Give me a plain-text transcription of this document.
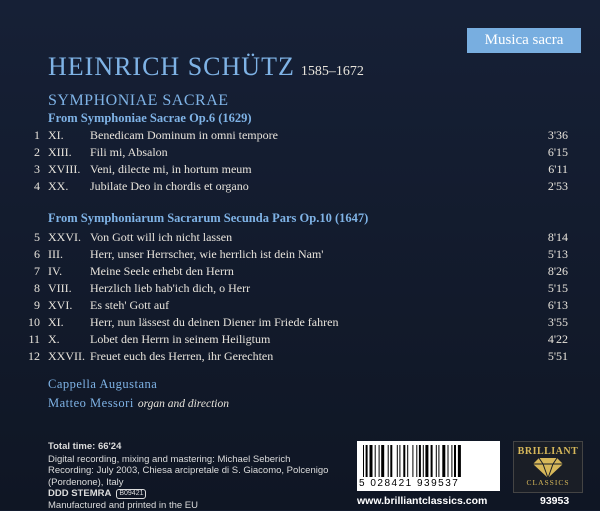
Musica sacra
HEINRICH SCHÜTZ 1585–1672
SYMPHONIAE SACRAE
From Symphoniae Sacrae Op.6 (1629)
1 XI. Benedicam Dominum in omni tempore	3'36
2 XIII. Fili mi, Absalon	6'15
3 XVIII. Veni, dilecte mi, in hortum meum	6'11
4 XX. Jubilate Deo in chordis et organo	2'53
From Symphoniarum Sacrarum Secunda Pars Op.10 (1647)
5 XXVI. Von Gott will ich nicht lassen	8'14
6 III. Herr, unser Herrscher, wie herrlich ist dein Nam'	5'13
7 IV. Meine Seele erhebt den Herrn	8'26
8 VIII. Herzlich lieb hab'ich dich, o Herr	5'15
9 XVI. Es steh' Gott auf	6'13
10 XI. Herr, nun lässest du deinen Diener im Friede fahren	3'55
11 X.	Lobet den Herrn in seinem Heiligtum	4'22
12 XXVII. Freuet euch des Herren, ihr Gerechten	5'51
Cappella Augustana
Matteo Messori organ and direction
Total time: 66'24
Digital recording, mixing and mastering: Michael Seberich
Recording: July 2003, Chiesa arcipretale di S. Giacomo, Polcenigo
(Pordenone), Italy
DDD STEMRA	B09421
Manufactured and printed in the EU
5 028421 939537
www.brilliantclassics.com
BRILLIANT
CLASSICS
93953
